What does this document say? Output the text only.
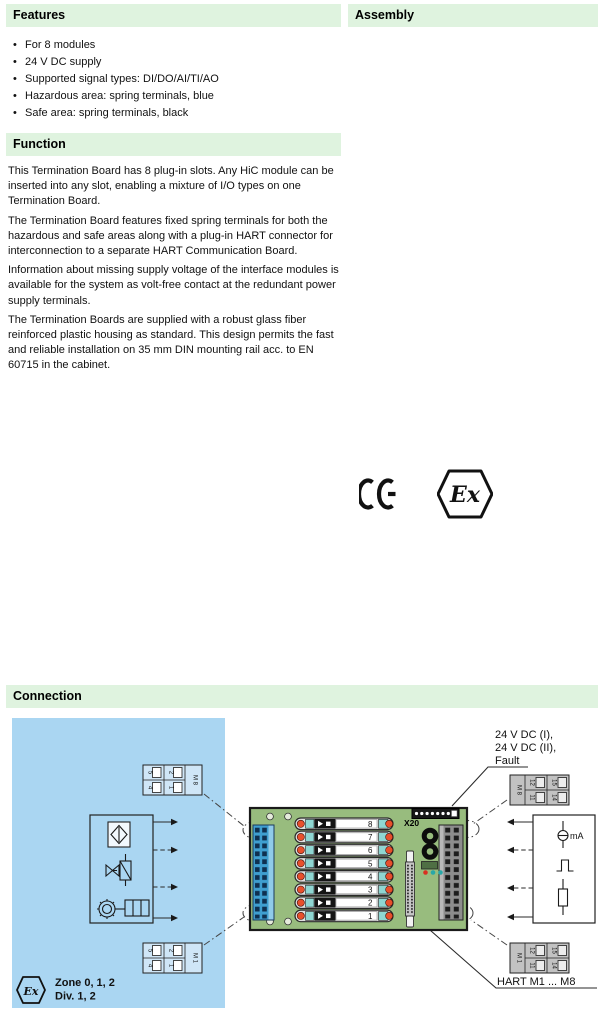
Features	Assembly
• For 8 modules
• 24 V DC supply
• Supported signal types: DI/DO/AI/TI/AO
• Hazardous area: spring terminals, blue
• Safe area: spring terminals, black
Function

This Termination Board has 8 plug-in slots. Any HiC module can be inserted into any slot, enabling a mixture of I/O types on one Termination Board.

The Termination Board features fixed spring terminals for both the hazardous and safe areas along with a plug-in HART connector for interconnection to a separate HART Communication Board.

Information about missing supply voltage of the interface modules is available for the system as volt-free contact at the redundant power supply terminals.

The Termination Boards are supplied with a robust glass fiber reinforced plastic housing as standard. This design permits the fast and reliable installation on 35 mm DIN mounting rail acc. to EN 60715 in the cabinet.

Ex
Connection
5	2
4	1
M 8
5	2
4	1
M 1
Ex
Zone 0, 1, 2
Div. 1, 2
8
7
6
5
4
3
2
1
X20
24 V DC (I),
24 V DC (II),
Fault
12	15
11	14
M 8
mA
12	15
11	14
M 1
HART M1 ... M8
